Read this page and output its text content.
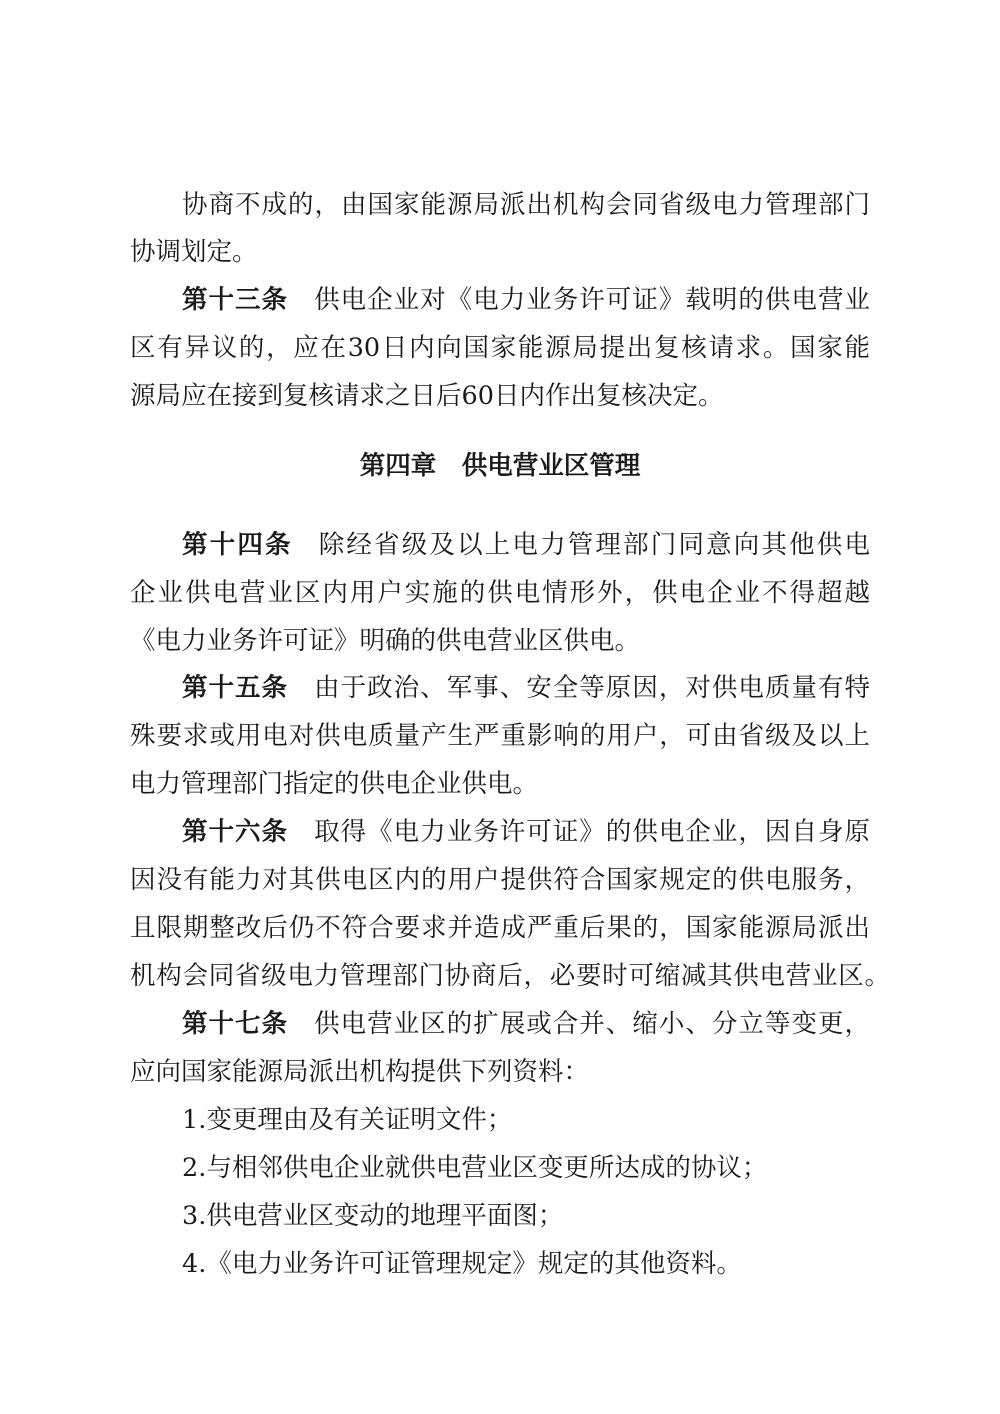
协商不成的，由国家能源局派出机构会同省级电力管理部门
协调划定。
第十三条 供电企业对《电力业务许可证》载明的供电营业
区有异议的，应在30日内向国家能源局提出复核请求。国家能
源局应在接到复核请求之日后60日内作出复核决定。
第四章　供电营业区管理
第十四条 除经省级及以上电力管理部门同意向其他供电
企业供电营业区内用户实施的供电情形外，供电企业不得超越
《电力业务许可证》明确的供电营业区供电。
第十五条 由于政治、军事、安全等原因，对供电质量有特
殊要求或用电对供电质量产生严重影响的用户，可由省级及以上
电力管理部门指定的供电企业供电。
第十六条 取得《电力业务许可证》的供电企业，因自身原
因没有能力对其供电区内的用户提供符合国家规定的供电服务，
且限期整改后仍不符合要求并造成严重后果的，国家能源局派出
机构会同省级电力管理部门协商后，必要时可缩减其供电营业区。
第十七条 供电营业区的扩展或合并、缩小、分立等变更，
应向国家能源局派出机构提供下列资料：
1.变更理由及有关证明文件；
2.与相邻供电企业就供电营业区变更所达成的协议；
3.供电营业区变动的地理平面图；
4.《电力业务许可证管理规定》规定的其他资料。
